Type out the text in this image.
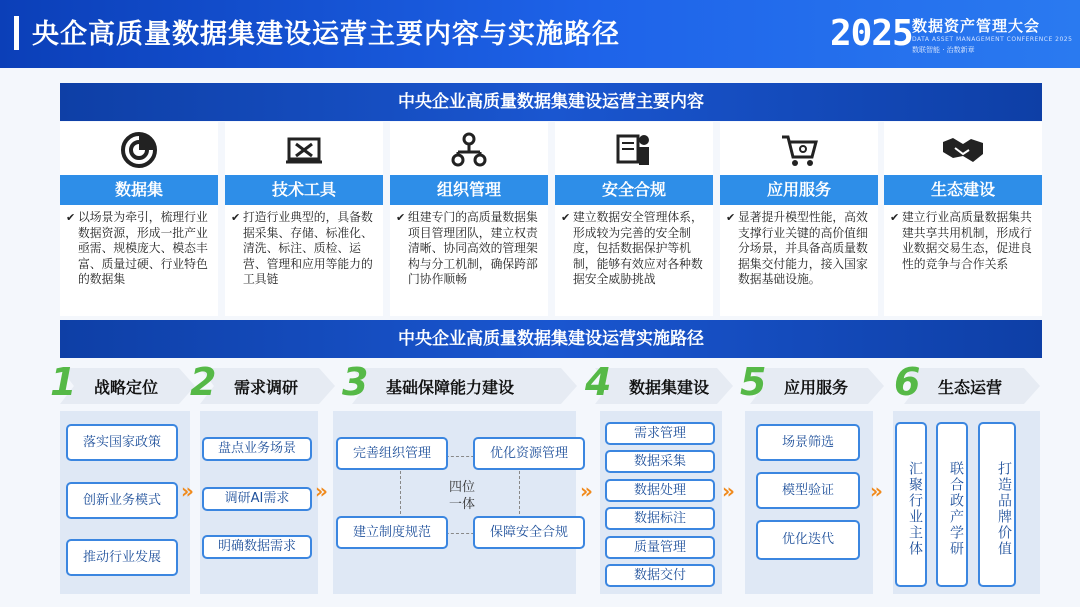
央企高质量数据集建设运营主要内容与实施路径	2025 数据资产管理大会
DATA ASSET MANAGEMENT CONFERENCE 2025
数联智能 · 治数新章
中央企业高质量数据集建设运营主要内容
数据集
✔ 以场景为牵引，梳理行业数据资源，形成一批产业亟需、规模庞大、模态丰富、质量过硬、行业特色的数据集
技术工具
✔ 打造行业典型的，具备数据采集、存储、标准化、清洗、标注、质检、运营、管理和应用等能力的工具链
组织管理
✔ 组建专门的高质量数据集项目管理团队，建立权责清晰、协同高效的管理架构与分工机制，确保跨部门协作顺畅
安全合规
✔ 建立数据安全管理体系，形成较为完善的安全制度，包括数据保护等机制，能够有效应对各种数据安全威胁挑战
应用服务
✔ 显著提升模型性能，高效支撑行业关键的高价值细分场景，并具备高质量数据集交付能力，接入国家数据基础设施。
生态建设
✔ 建立行业高质量数据集共建共享共用机制，形成行业数据交易生态，促进良性的竞争与合作关系
中央企业高质量数据集建设运营实施路径
1 战略定位 2 需求调研 3 基础保障能力建设 4 数据集建设 5 应用服务 6 生态运营
落实国家政策
创新业务模式
推动行业发展
»
盘点业务场景
调研AI需求
明确数据需求
»
完善组织管理	优化资源管理
建立制度规范	保障安全合规
四位
一体
»
需求管理
数据采集
数据处理
数据标注
质量管理
数据交付
»
场景筛选
模型验证
优化迭代
»	汇聚行业主体	联合政产学研	打造品牌价值
